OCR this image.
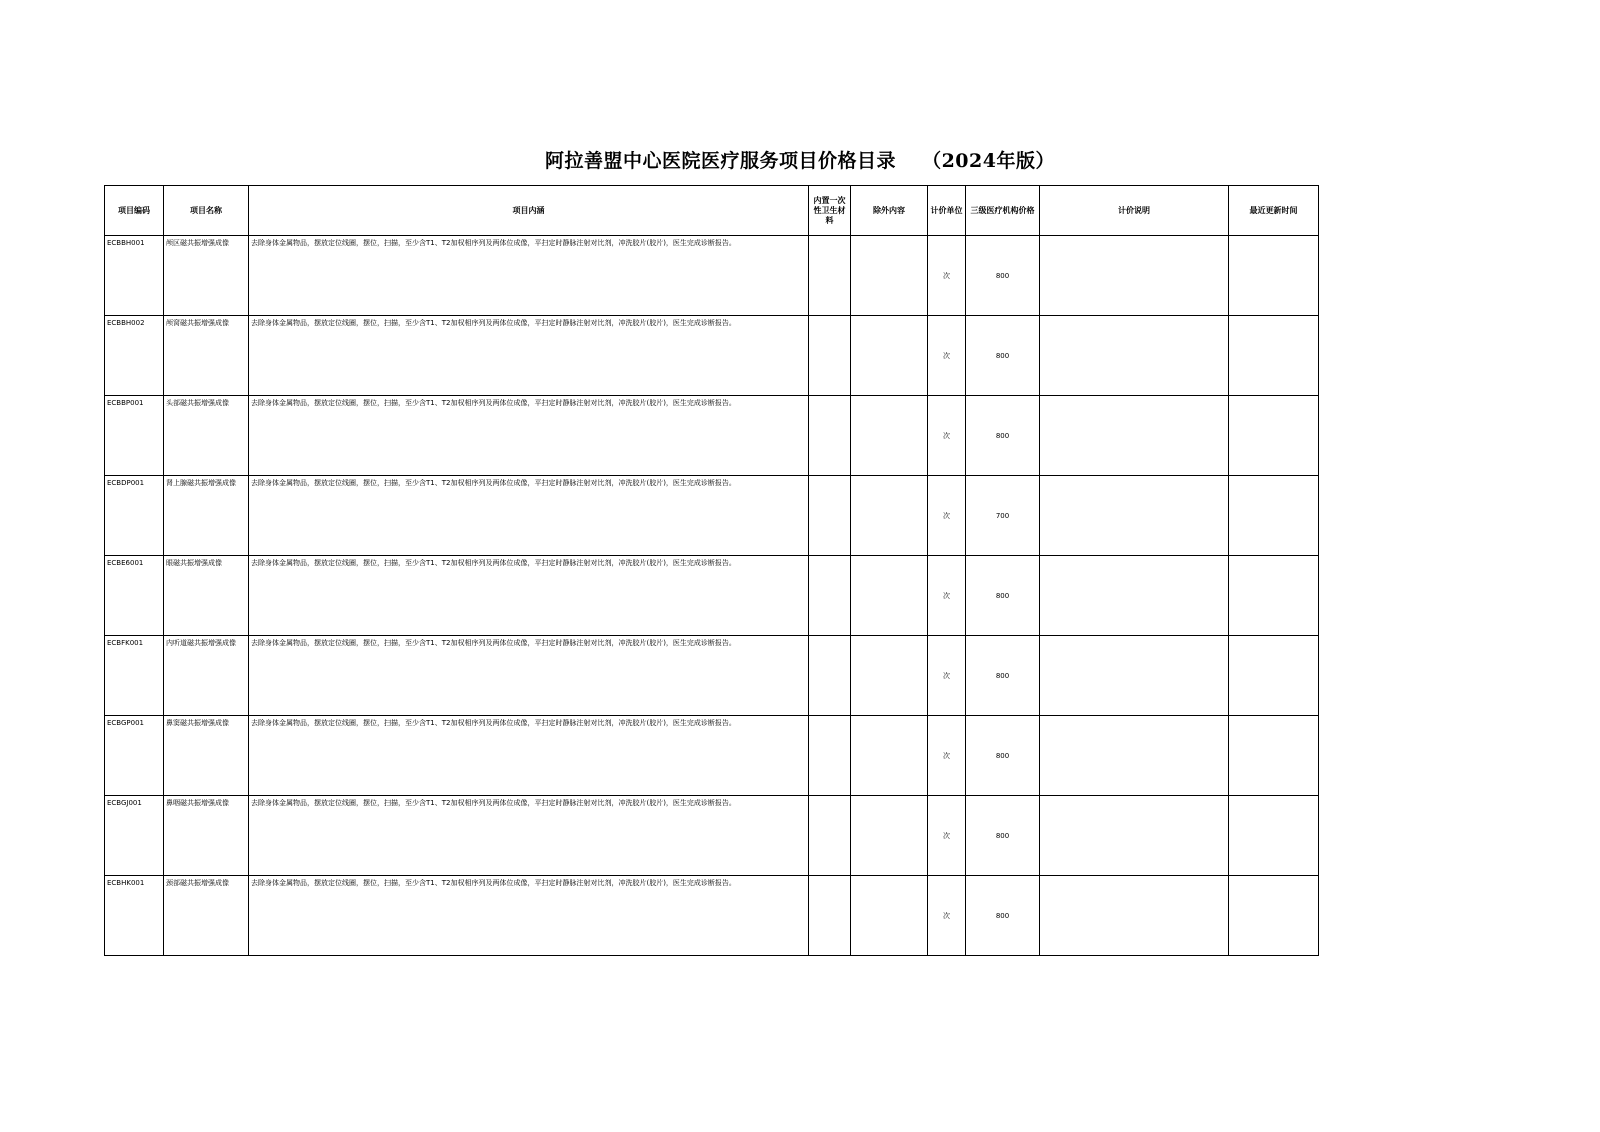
阿拉善盟中心医院医疗服务项目价格目录 （2024年版）
项目编码	项目名称	项目内涵	内置一次性卫生材料	除外内容	计价单位	三级医疗机构价格	计价说明	最近更新时间
ECBBH001	颅区磁共振增强成像	去除身体金属物品，摆放定位线圈，摆位，扫描，至少含T1、T2加权相序列及两体位成像，平扫定时静脉注射对比剂，冲洗胶片(胶片)，医生完成诊断报告。			次	800		
ECBBH002	颅窝磁共振增强成像	去除身体金属物品，摆放定位线圈，摆位，扫描，至少含T1、T2加权相序列及两体位成像，平扫定时静脉注射对比剂，冲洗胶片(胶片)，医生完成诊断报告。			次	800		
ECBBP001	头部磁共振增强成像	去除身体金属物品，摆放定位线圈，摆位，扫描，至少含T1、T2加权相序列及两体位成像，平扫定时静脉注射对比剂，冲洗胶片(胶片)，医生完成诊断报告。			次	800		
ECBDP001	肾上腺磁共振增强成像	去除身体金属物品，摆放定位线圈，摆位，扫描，至少含T1、T2加权相序列及两体位成像，平扫定时静脉注射对比剂，冲洗胶片(胶片)，医生完成诊断报告。			次	700		
ECBE6001	眼磁共振增强成像	去除身体金属物品，摆放定位线圈，摆位，扫描，至少含T1、T2加权相序列及两体位成像，平扫定时静脉注射对比剂，冲洗胶片(胶片)，医生完成诊断报告。			次	800		
ECBFK001	内听道磁共振增强成像	去除身体金属物品，摆放定位线圈，摆位，扫描，至少含T1、T2加权相序列及两体位成像，平扫定时静脉注射对比剂，冲洗胶片(胶片)，医生完成诊断报告。			次	800		
ECBGP001	鼻窦磁共振增强成像	去除身体金属物品，摆放定位线圈，摆位，扫描，至少含T1、T2加权相序列及两体位成像，平扫定时静脉注射对比剂，冲洗胶片(胶片)，医生完成诊断报告。			次	800		
ECBGJ001	鼻咽磁共振增强成像	去除身体金属物品，摆放定位线圈，摆位，扫描，至少含T1、T2加权相序列及两体位成像，平扫定时静脉注射对比剂，冲洗胶片(胶片)，医生完成诊断报告。			次	800		
ECBHK001	颈部磁共振增强成像	去除身体金属物品，摆放定位线圈，摆位，扫描，至少含T1、T2加权相序列及两体位成像，平扫定时静脉注射对比剂，冲洗胶片(胶片)，医生完成诊断报告。			次	800		
